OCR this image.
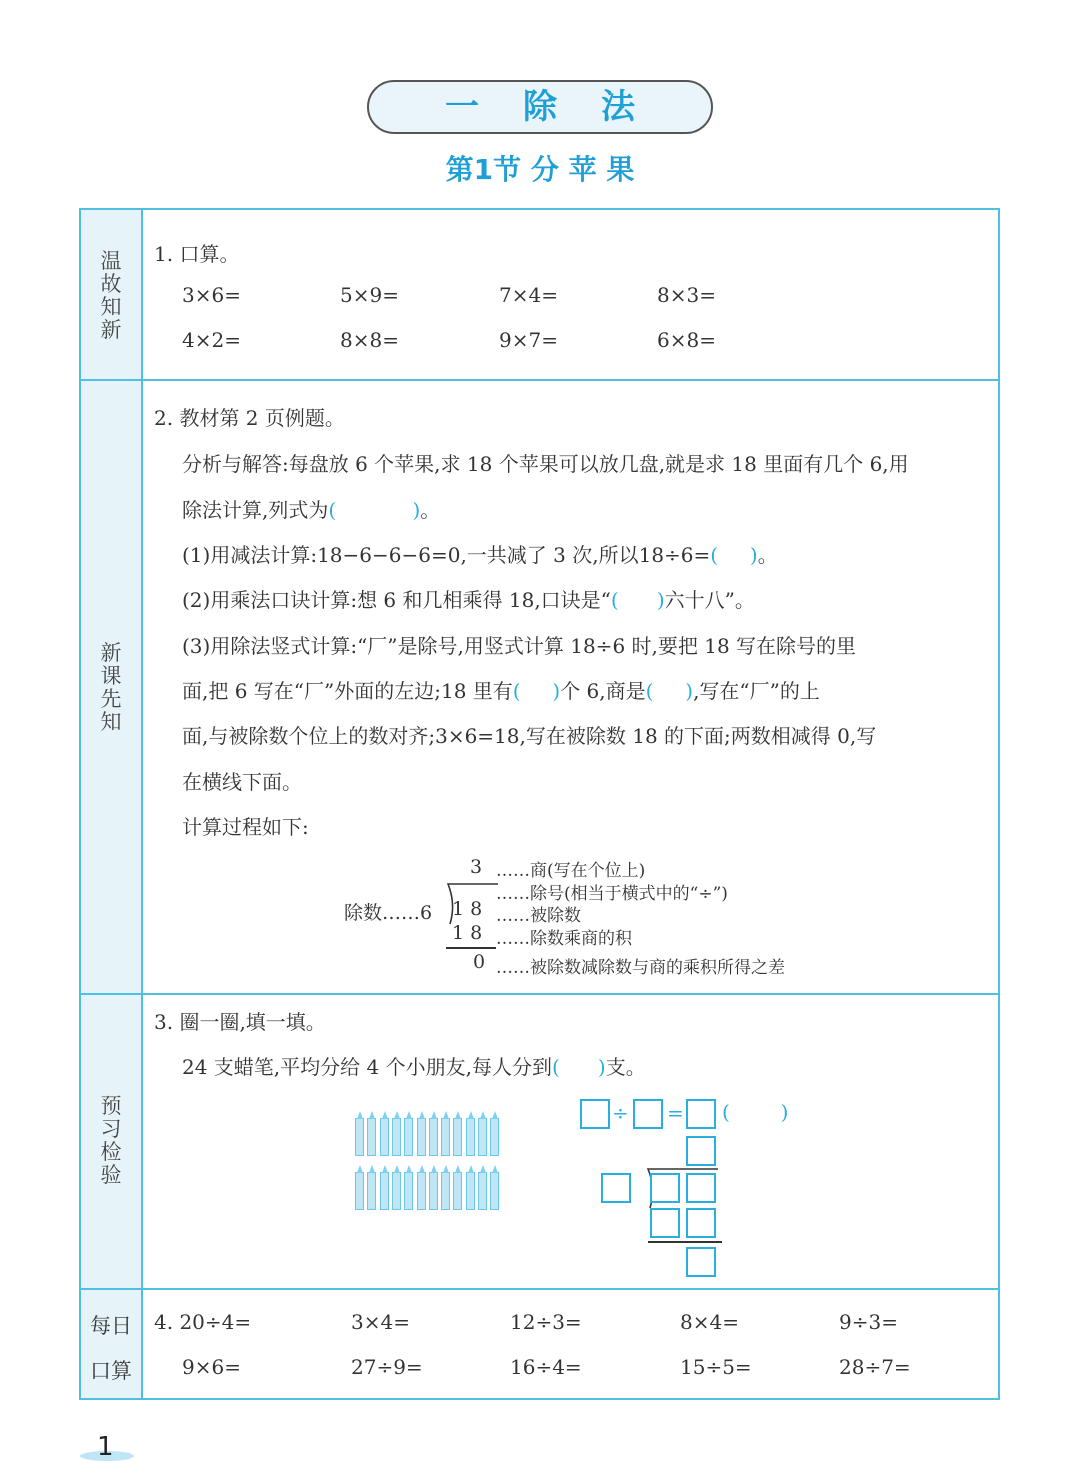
一除法
第1节 分 苹 果
温故知新
1. 口算。
3×6=	5×9=	7×4=	8×3=
4×2=	8×8=	9×7=	6×8=
新课先知
2. 教材第 2 页例题。
分析与解答:每盘放 6 个苹果,求 18 个苹果可以放几盘,就是求 18 里面有几个 6,用
除法计算,列式为(            )。
(1)用减法计算:18−6−6−6=0,一共减了 3 次,所以18÷6=(     )。
(2)用乘法口诀计算:想 6 和几相乘得 18,口诀是“(      )六十八”。
(3)用除法竖式计算:“厂”是除号,用竖式计算 18÷6 时,要把 18 写在除号的里
面,把 6 写在“厂”外面的左边;18 里有(     )个 6,商是(     ),写在“厂”的上
面,与被除数个位上的数对齐;3×6=18,写在被除数 18 的下面;两数相减得 0,写
在横线下面。
计算过程如下:
3 ……商(写在个位上)
……除号(相当于横式中的“÷”)
除数……6 1 8 ……被除数
1 8 ……除数乘商的积
0 ……被除数减除数与商的乘积所得之差
预习检验
3. 圈一圈,填一填。
24 支蜡笔,平均分给 4 个小朋友,每人分到(      )支。
÷ = (        )
每日
口算
4. 20÷4=	3×4=	12÷3=	8×4=	9÷3=
9×6=	27÷9=	16÷4=	15÷5=	28÷7=
1
